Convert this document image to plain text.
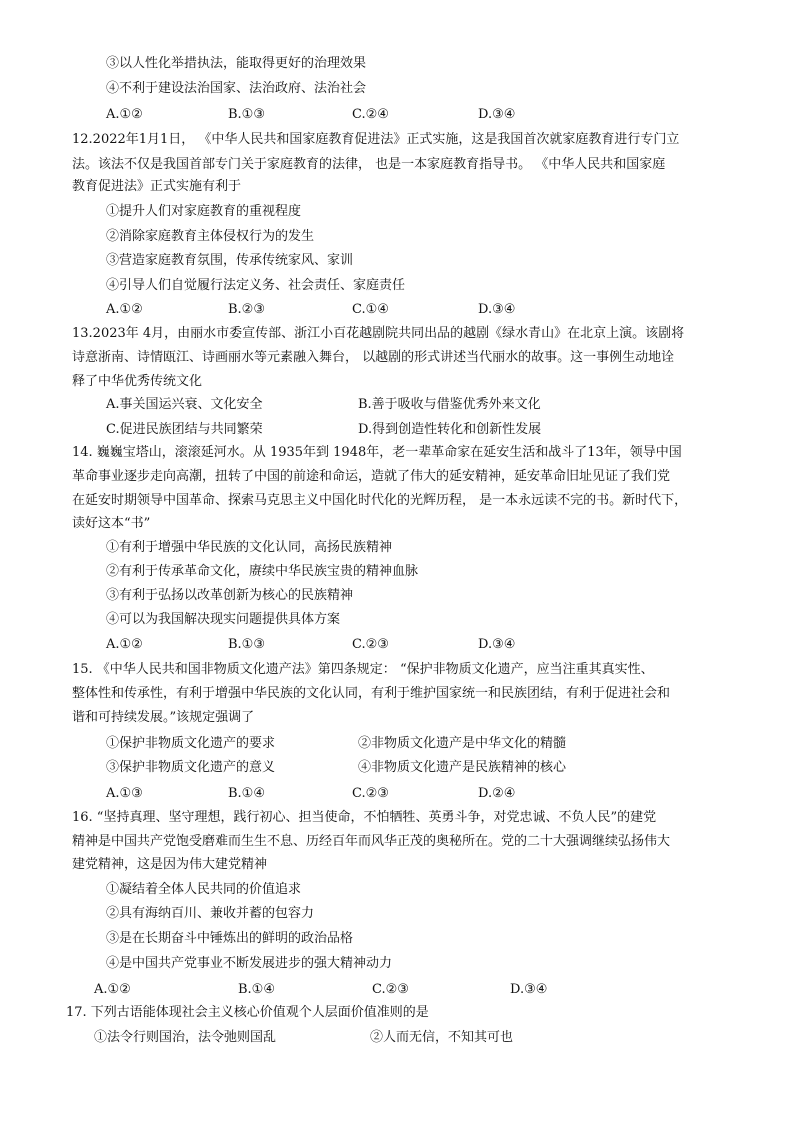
③以人性化举措执法，能取得更好的治理效果
④不利于建设法治国家、法治政府、法治社会
A.①②	B.①③	C.②④	D.③④
12.2022年1月1日， 《中华人民共和国家庭教育促进法》正式实施，这是我国首次就家庭教育进行专门立
法。该法不仅是我国首部专门关于家庭教育的法律， 也是一本家庭教育指导书。 《中华人民共和国家庭
教育促进法》正式实施有利于
①提升人们对家庭教育的重视程度
②消除家庭教育主体侵权行为的发生
③营造家庭教育氛围，传承传统家风、家训
④引导人们自觉履行法定义务、社会责任、家庭责任
A.①②	B.②③	C.①④	D.③④
13.2023年 4月，由丽水市委宣传部、浙江小百花越剧院共同出品的越剧《绿水青山》在北京上演。该剧将
诗意浙南、诗情瓯江、诗画丽水等元素融入舞台， 以越剧的形式讲述当代丽水的故事。这一事例生动地诠
释了中华优秀传统文化
A.事关国运兴衰、文化安全	B.善于吸收与借鉴优秀外来文化
C.促进民族团结与共同繁荣	D.得到创造性转化和创新性发展
14. 巍巍宝塔山，滚滚延河水。从 1935年到 1948年，老一辈革命家在延安生活和战斗了13年，领导中国
革命事业逐步走向高潮，扭转了中国的前途和命运，造就了伟大的延安精神，延安革命旧址见证了我们党
在延安时期领导中国革命、探索马克思主义中国化时代化的光辉历程， 是一本永远读不完的书。新时代下，
读好这本“书”
①有利于增强中华民族的文化认同，高扬民族精神
②有利于传承革命文化，赓续中华民族宝贵的精神血脉
③有利于弘扬以改革创新为核心的民族精神
④可以为我国解决现实问题提供具体方案
A.①②	B.①③	C.②③	D.③④
15. 《中华人民共和国非物质文化遗产法》第四条规定： “保护非物质文化遗产，应当注重其真实性、
整体性和传承性，有利于增强中华民族的文化认同，有利于维护国家统一和民族团结，有利于促进社会和
谐和可持续发展。”该规定强调了
①保护非物质文化遗产的要求	②非物质文化遗产是中华文化的精髓
③保护非物质文化遗产的意义	④非物质文化遗产是民族精神的核心
A.①③	B.①④	C.②③	D.②④
16. “坚持真理、坚守理想，践行初心、担当使命，不怕牺牲、英勇斗争，对党忠诚、不负人民”的建党
精神是中国共产党饱受磨难而生生不息、历经百年而风华正茂的奥秘所在。党的二十大强调继续弘扬伟大
建党精神，这是因为伟大建党精神
①凝结着全体人民共同的价值追求
②具有海纳百川、兼收并蓄的包容力
③是在长期奋斗中锤炼出的鲜明的政治品格
④是中国共产党事业不断发展进步的强大精神动力
A.①②	B.①④	C.②③	D.③④
17. 下列古语能体现社会主义核心价值观个人层面价值准则的是
①法令行则国治，法令弛则国乱	②人而无信，不知其可也
